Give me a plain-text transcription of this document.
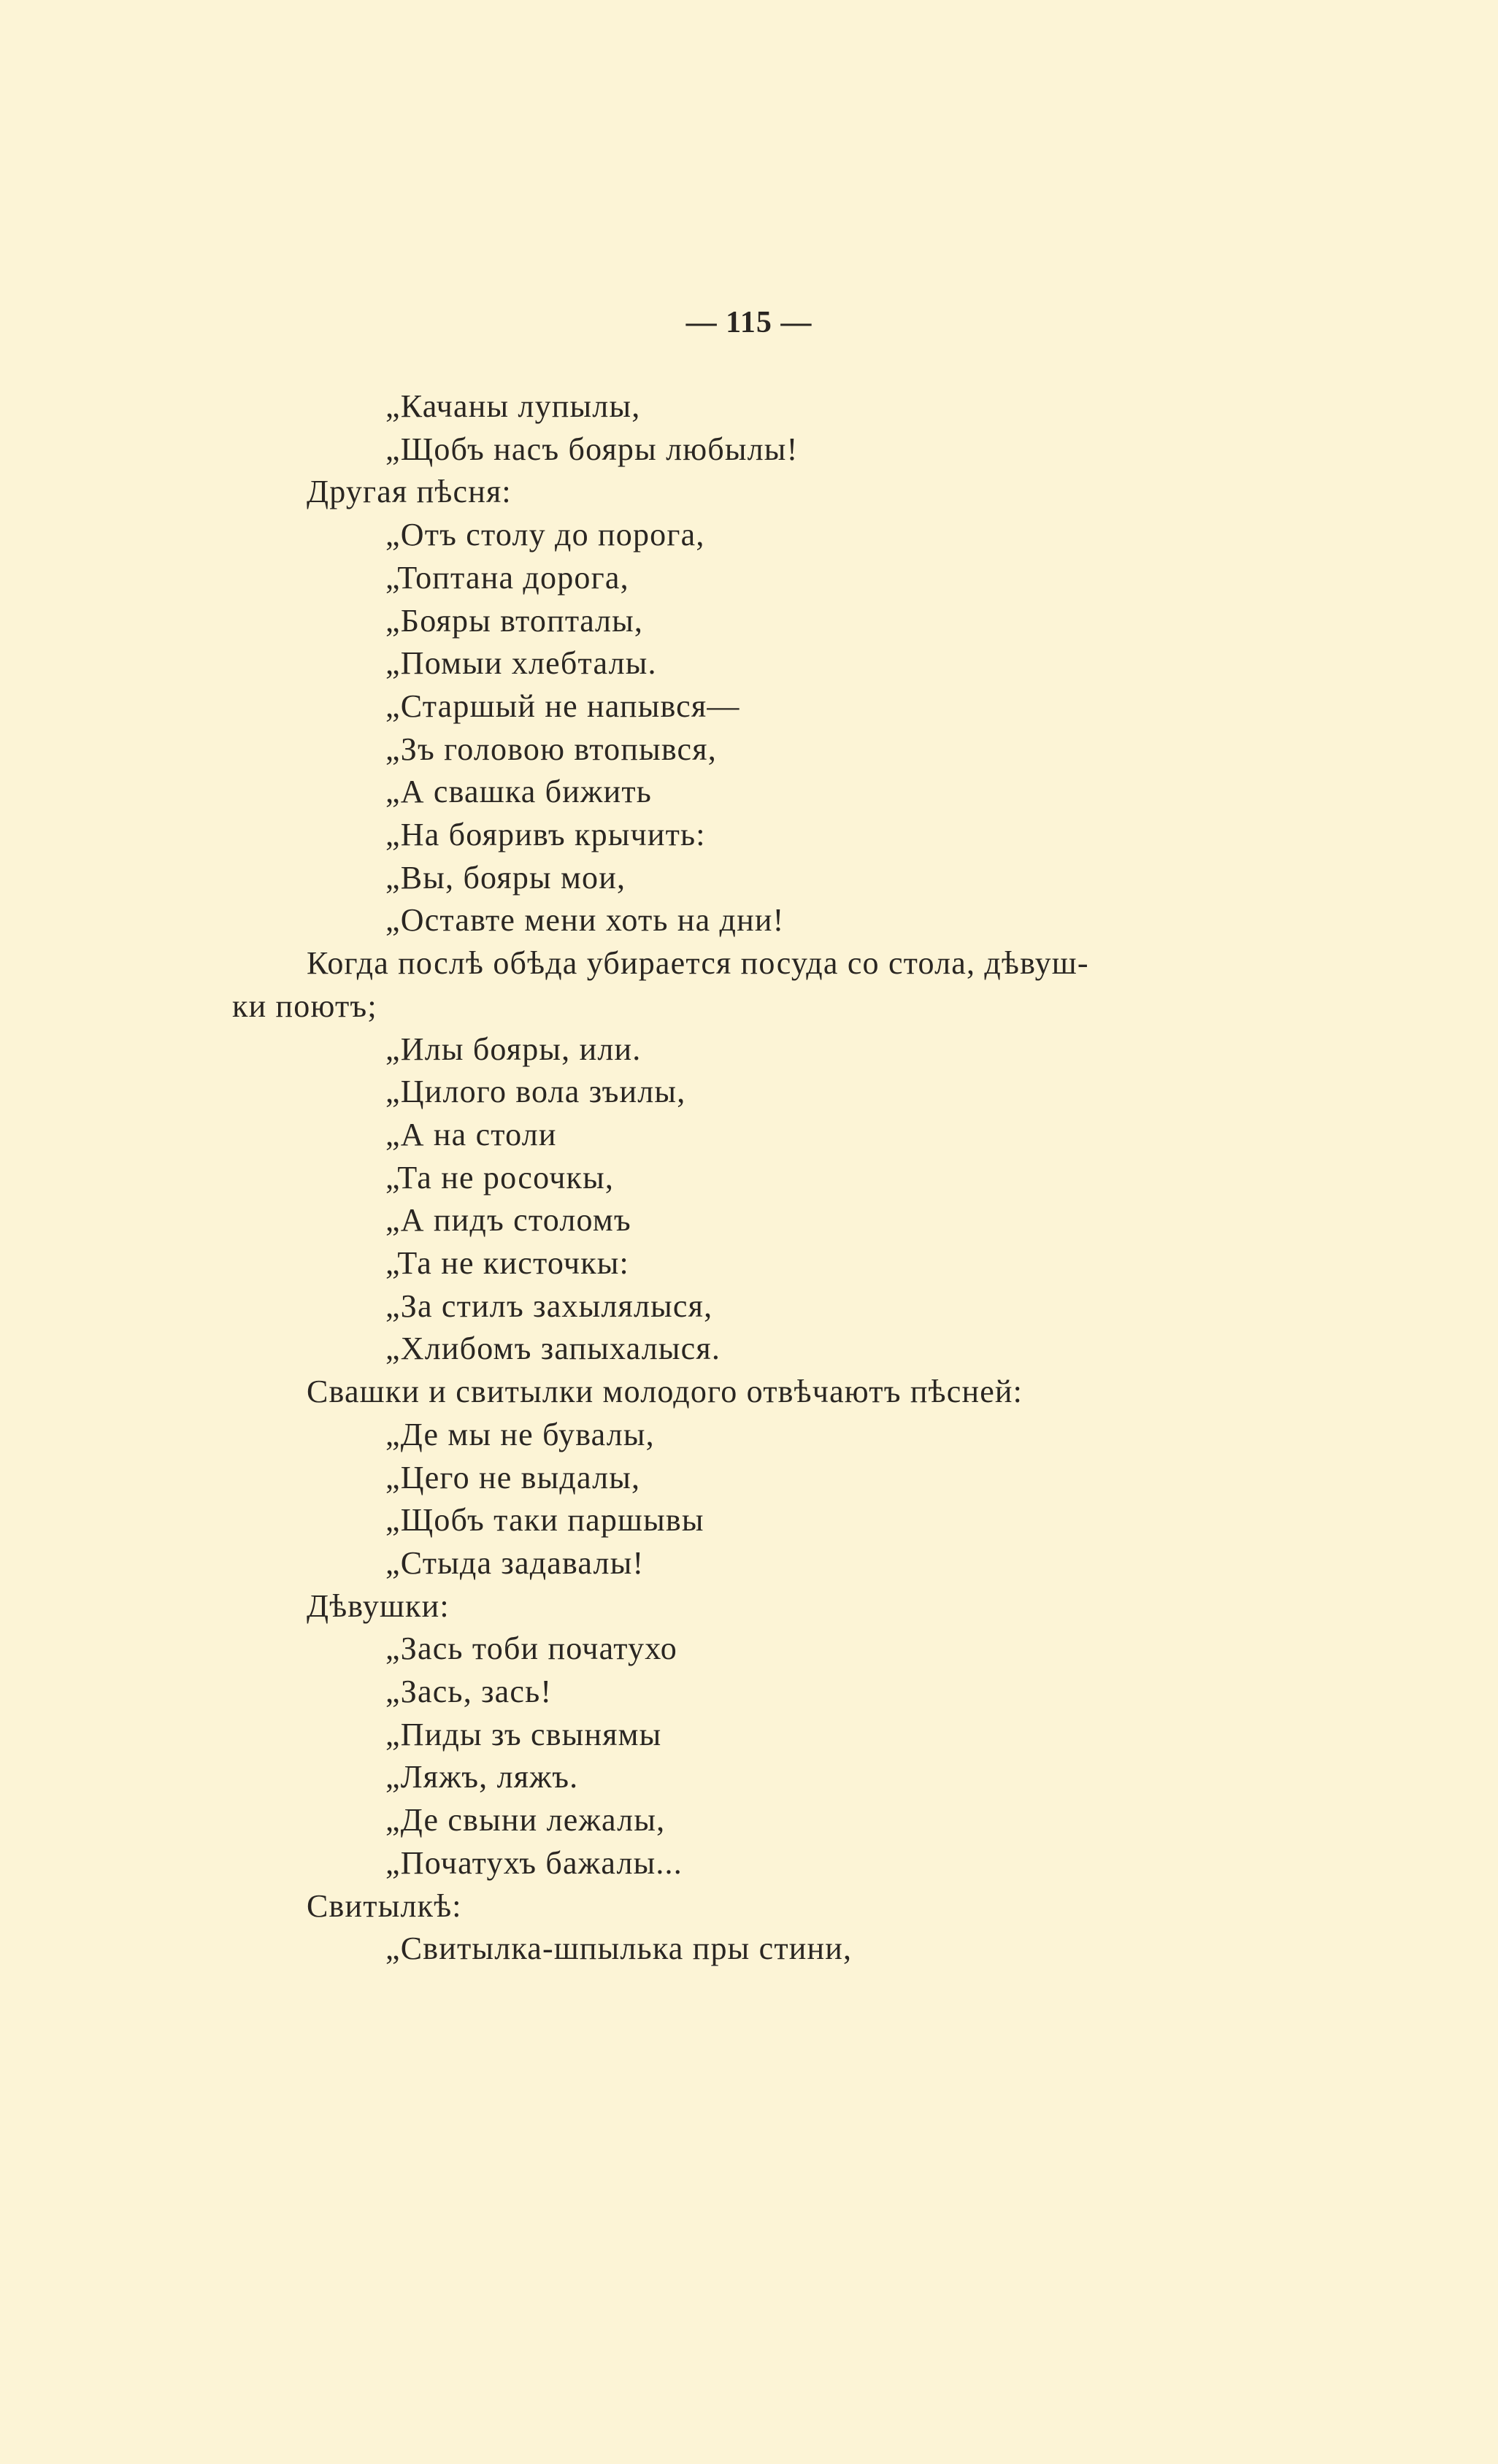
— 115 —
„Качаны лупылы,
„Щобъ насъ бояры любылы!
Другая пѣсня:
„Отъ столу до порога,
„Топтана дорога,
„Бояры втоптaлы,
„Помыи хлебталы.
„Старшый не напывся—
„Зъ головою втопывся,
„А свашка бижить
„На бояривъ крычить:
„Вы, бояры мои,
„Оставте мени хоть на дни!
Когда послѣ обѣда убирается посуда со стола, дѣвуш-
ки поютъ;
„Илы бояры, или.
„Цилого вола зъилы,
„А на столи
„Та не росочкы,
„А пидъ столомъ
„Та не кисточкы:
„За стилъ захылялыся,
„Хлибомъ запыхалыся.
Свашки и свитылки молодого отвѣчаютъ пѣсней:
„Де мы не бувалы,
„Цего не выдалы,
„Щобъ таки паршывы
„Стыда задавалы!
Дѣвушки:
„Зась тоби початухо
„Зась, зась!
„Пиды зъ свынямы
„Ляжъ, ляжъ.
„Де свыни лежалы,
„Початухъ бажалы...
Свитылкѣ:
„Свитылка-шпылька пры стини,
